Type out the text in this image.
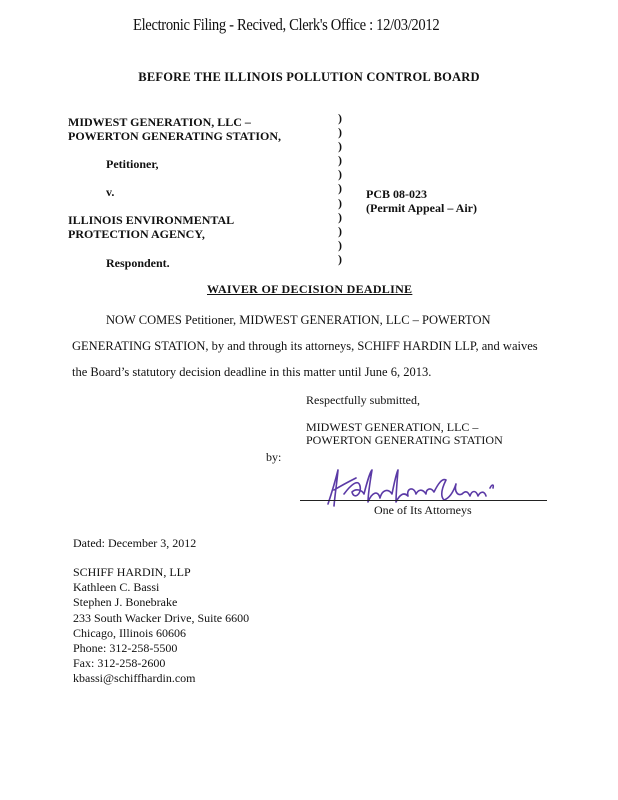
Electronic Filing - Recived, Clerk's Office : 12/03/2012
BEFORE THE ILLINOIS POLLUTION CONTROL BOARD
MIDWEST GENERATION, LLC –
POWERTON GENERATING STATION,
Petitioner,
v.
ILLINOIS ENVIRONMENTAL
PROTECTION AGENCY,
Respondent.
)
)
)
)
)
)
)
)
)
)
)
PCB 08-023
(Permit Appeal – Air)
WAIVER OF DECISION DEADLINE
NOW COMES Petitioner, MIDWEST GENERATION, LLC – POWERTON
GENERATING STATION, by and through its attorneys, SCHIFF HARDIN LLP, and waives
the Board’s statutory decision deadline in this matter until June 6, 2013.
Respectfully submitted,
MIDWEST GENERATION, LLC –
POWERTON GENERATING STATION
by:
One of Its Attorneys
Dated: December 3, 2012
SCHIFF HARDIN, LLP
Kathleen C. Bassi
Stephen J. Bonebrake
233 South Wacker Drive, Suite 6600
Chicago, Illinois 60606
Phone: 312-258-5500
Fax: 312-258-2600
kbassi@schiffhardin.com
